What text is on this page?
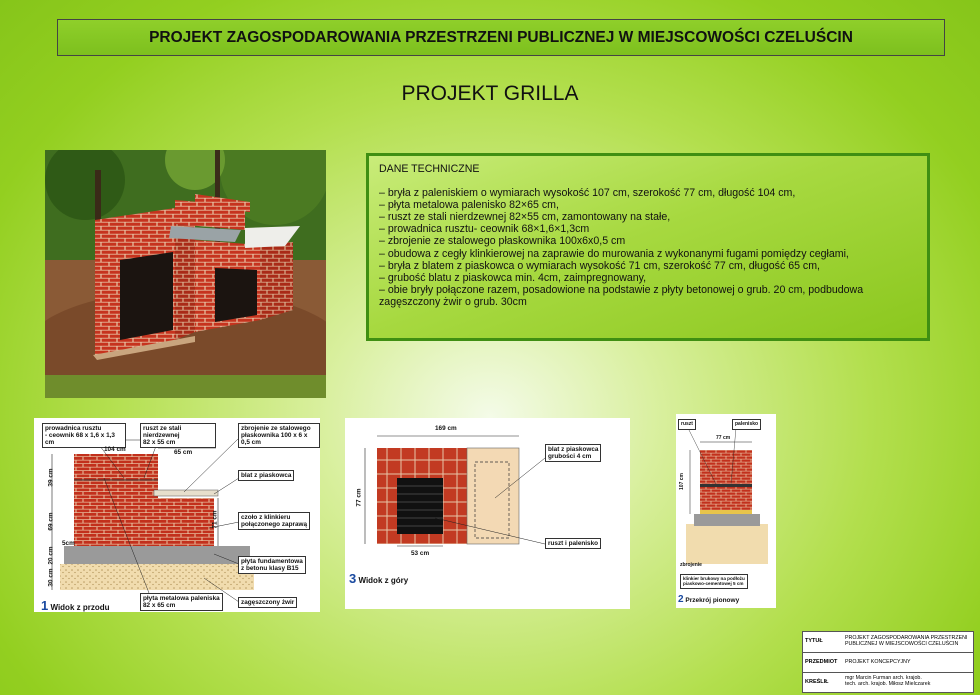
PROJEKT ZAGOSPODAROWANIA PRZESTRZENI PUBLICZNEJ W MIEJSCOWOŚCI CZELUŚCIN
PROJEKT GRILLA
DANE TECHNICZNE
– bryła z paleniskiem o wymiarach wysokość 107 cm, szerokość 77 cm, długość 104 cm,
– płyta metalowa palenisko 82×65 cm,
– ruszt ze stali nierdzewnej 82×55 cm, zamontowany na stałe,
– prowadnica rusztu- ceownik 68×1,6×1,3cm
– zbrojenie ze stalowego płaskownika 100x6x0,5 cm
– obudowa z cegły klinkierowej na zaprawie do murowania z wykonanymi fugami pomiędzy cegłami,
– bryła z blatem z piaskowca o wymiarach wysokość 71 cm, szerokość 77 cm, długość 65 cm,
– grubość blatu z piaskowca min. 4cm, zaimpregnowany,
– obie bryły połączone razem, posadowione na podstawie z płyty betonowej o grub. 20 cm, podbudowa
zagęszczony żwir o grub. 30cm
prowadnica rusztu
- ceownik 68 x 1,6 x 1,3 cm
ruszt ze stali nierdzewnej
82 x 55 cm
zbrojenie ze stalowego
płaskownika 100 x 6 x 0,5 cm
blat z piaskowca
czoło z klinkieru
połączonego zaprawą
płyta fundamentowa
z betonu klasy B15
płyta metalowa paleniska
82 x 65 cm	zagęszczony żwir
104 cm	65 cm
39 cm
69 cm	71 cm
20 cm
30 cm
5cm
1 Widok z przodu
169 cm
77 cm
53 cm
blat z piaskowca
grubości 4 cm
ruszt i palenisko
3 Widok z góry
ruszt	palenisko
77 cm
107 cm
zbrojenie
klinkier brukowy na podłożu
piaskowo-cementowej 5 cm
2 Przekrój pionowy
TYTUŁ	PROJEKT ZAGOSPODAROWANIA PRZESTRZENI
PUBLICZNEJ W MIEJSCOWOŚCI CZELUŚCIN
PRZEDMIOT PROJEKT KONCEPCYJNY
KREŚLIŁ
mgr Marcin Furman arch. krajob.
tech. arch. krajob. Miłosz Mielczarek
